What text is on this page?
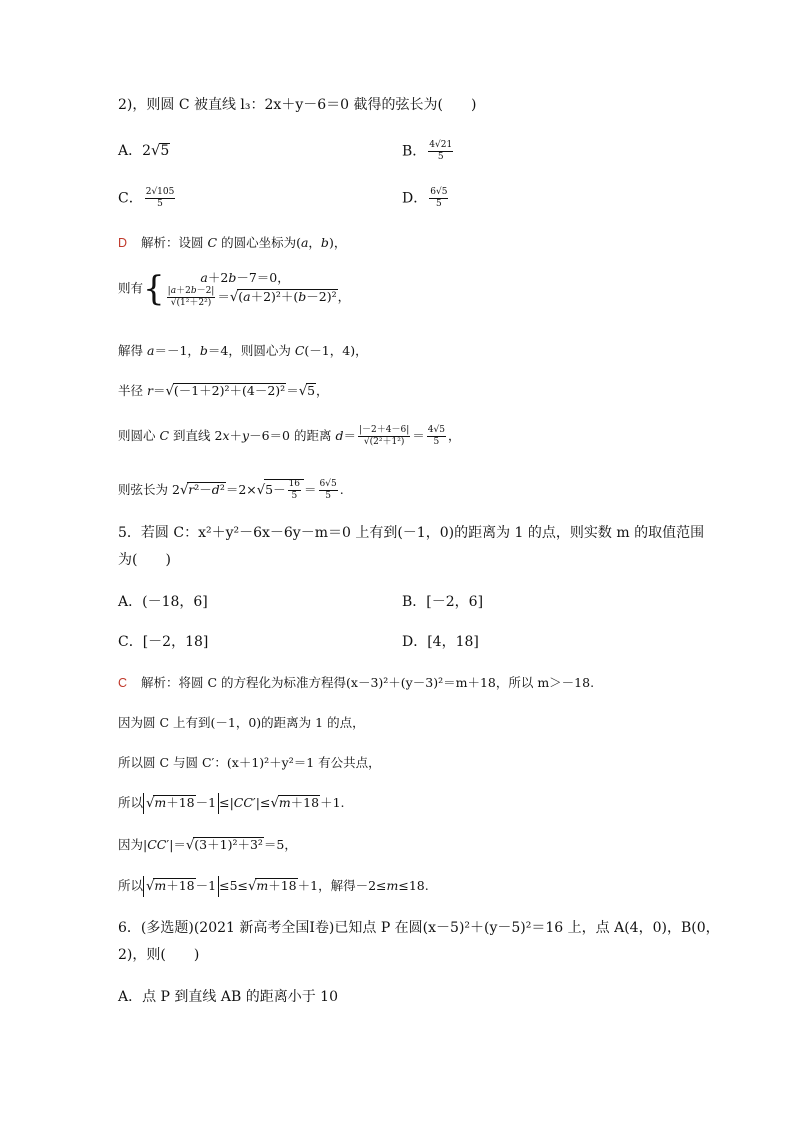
2)，则圆 C 被直线 l₃：2x＋y－6＝0 截得的弦长为(　　)
A．2√5	B． $\frac{4√21}{5}$
C． $\frac{2√105}{5}$	D． $\frac{6√5}{5}$
D 解析：设圆 C 的圆心坐标为(a，b)，
则有{	a＋2b－7＝0，
$\frac{|a+2b-2|}{\text{√(1²＋2²)}} =√(a+2)^2+(b-2)^2$，
解得 a＝－1，b＝4，则圆心为 C(－1，4)，
半径 r＝√(－1＋2)²＋(4－2)²＝√5，
则圆心 C 到直线 2x＋y－6＝0 的距离 $d= \frac{|-2+4-6|}{\text{√(2²＋1²)}} = \frac{4√5}{5}$ ，
则弦长为 $2√r^2-d^2=2\times√5- \frac{16}{5} = \frac{6√5}{5}$ .
5．若圆 C：x²＋y²－6x－6y－m＝0 上有到(－1，0)的距离为 1 的点，则实数 m 的取值范围
为(　　)
A．(－18，6]	B．[－2，6]
C．[－2，18]	D．[4，18]
C 解析：将圆 C 的方程化为标准方程得(x－3)²＋(y－3)²＝m＋18，所以 m＞－18.
因为圆 C 上有到(－1，0)的距离为 1 的点，
所以圆 C 与圆 C′：(x＋1)²＋y²＝1 有公共点，
所以 √m＋18－1 ≤|CC′|≤√m＋18＋1.
因为|CC′|＝√(3＋1)²＋3²＝5，
所以 √m＋18－1 ≤5≤√m＋18＋1，解得－2≤m≤18.
6．(多选题)(2021 新高考全国Ⅰ卷)已知点 P 在圆(x－5)²＋(y－5)²＝16 上，点 A(4，0)，B(0，
2)，则(　　)
A．点 P 到直线 AB 的距离小于 10
